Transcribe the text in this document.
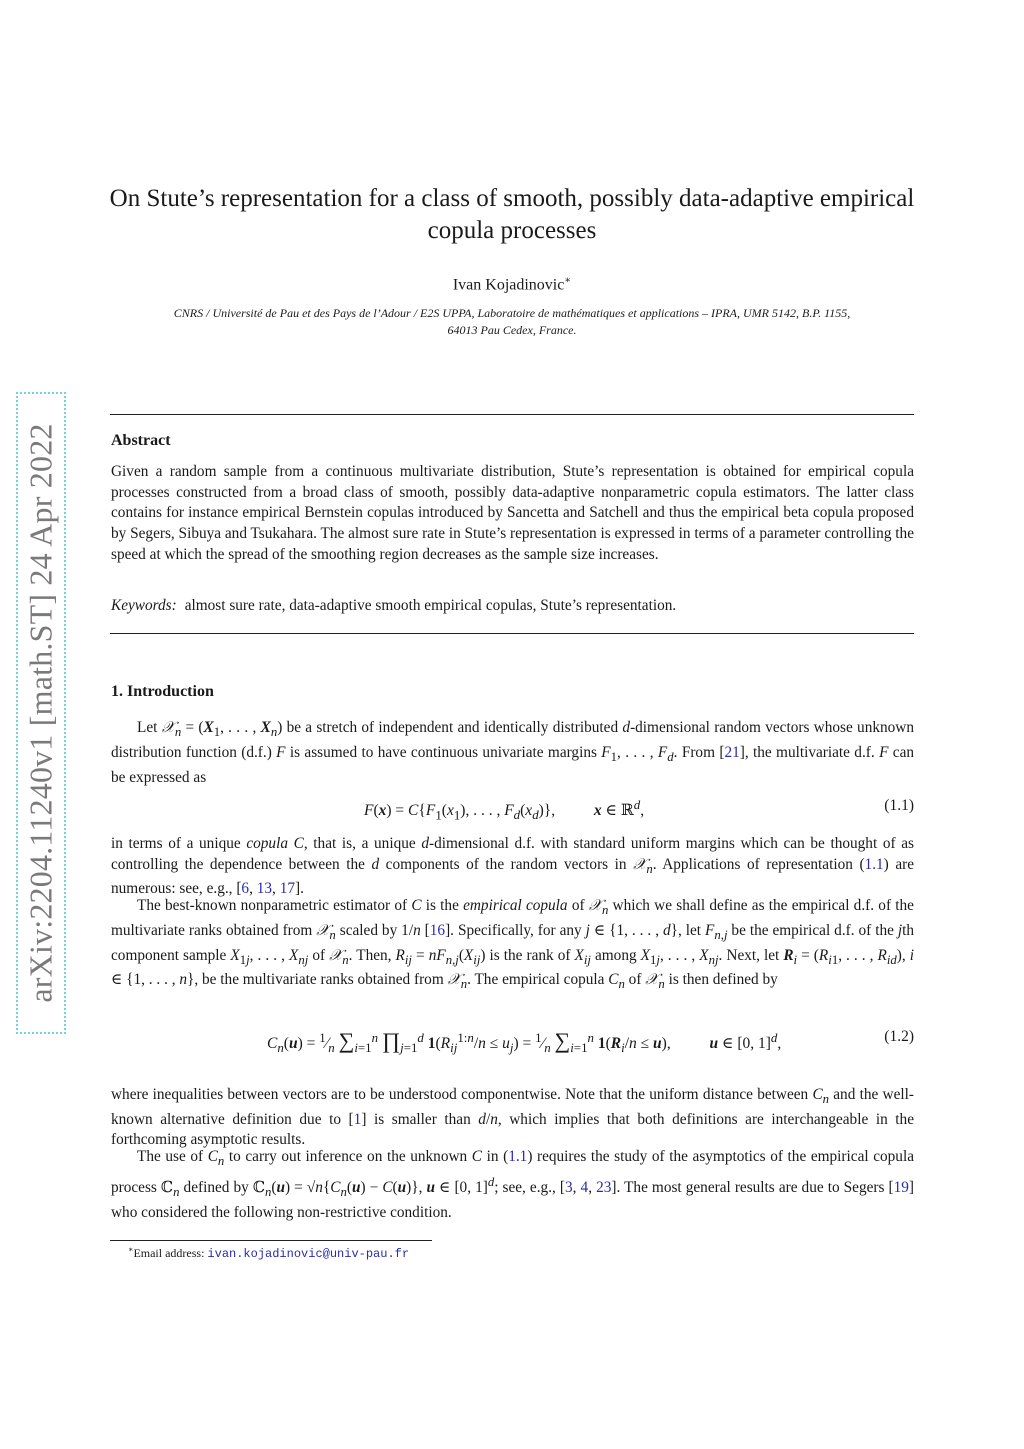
arXiv:2204.11240v1 [math.ST] 24 Apr 2022
On Stute’s representation for a class of smooth, possibly data-adaptive empirical
copula processes
Ivan Kojadinovic∗
CNRS / Université de Pau et des Pays de l’Adour / E2S UPPA, Laboratoire de mathématiques et applications – IPRA, UMR 5142, B.P. 1155,
64013 Pau Cedex, France.
Abstract
Given a random sample from a continuous multivariate distribution, Stute’s representation is obtained for empirical copula processes constructed from a broad class of smooth, possibly data-adaptive nonparametric copula estimators. The latter class contains for instance empirical Bernstein copulas introduced by Sancetta and Satchell and thus the empirical beta copula proposed by Segers, Sibuya and Tsukahara. The almost sure rate in Stute’s representation is expressed in terms of a parameter controlling the speed at which the spread of the smoothing region decreases as the sample size increases.
Keywords: almost sure rate, data-adaptive smooth empirical copulas, Stute’s representation.
1. Introduction
Let 𝒳$_n$ = ($X_1$, . . . , $X_n$) be a stretch of independent and identically distributed d-dimensional random vectors whose unknown distribution function (d.f.) F is assumed to have continuous univariate margins $F_1$, . . . , $F_d$. From [21], the multivariate d.f. F can be expressed as
$F(x) = C\{F_1(x_1)$, . . . , $F_d(x_d)$},          x ∈ ℝ$^d$,	(1.1)
in terms of a unique copula C, that is, a unique d-dimensional d.f. with standard uniform margins which can be thought of as controlling the dependence between the d components of the random vectors in 𝒳$_n$. Applications of representation (1.1) are numerous: see, e.g., [6, 13, 17].
The best-known nonparametric estimator of C is the empirical copula of 𝒳$_n$ which we shall define as the empirical d.f. of the multivariate ranks obtained from 𝒳$_n$ scaled by 1/n [16]. Specifically, for any j ∈ {1, . . . , d}, let $F_{n,j}$ be the empirical d.f. of the jth component sample $X_{1j}$, . . . , $X_{nj}$ of 𝒳$_n$. Then, $R_{ij} = nF_{n,j}(X_{ij})$ is the rank of $X_{ij}$ among $X_{1j}$, . . . , $X_{nj}$. Next, let $R_i = (R_{i1}$, . . . , $R_{id}$), i ∈ {1, . . . , n}, be the multivariate ranks obtained from 𝒳$_n$. The empirical copula $C_n$ of 𝒳$_n$ is then defined by
$C_n(u)$ = $^1⁄_n$ $\sum_{i=1}^n$ $\prod_{j=1}^d$ $1(R_{ij}^{1:n}/n \le u_j)$ = $^1⁄_n$ $\sum_{i=1}^n$ $1(R_i/n \le u)$,          u ∈ [0, 1]$^d$,	(1.2)
where inequalities between vectors are to be understood componentwise. Note that the uniform distance between $C_n$ and the well-known alternative definition due to [1] is smaller than d/n, which implies that both definitions are interchangeable in the forthcoming asymptotic results.
The use of $C_n$ to carry out inference on the unknown C in (1.1) requires the study of the asymptotics of the empirical copula process ℂ$_n$ defined by ℂ$_n$(u) = $√n\{C_n(u) - C(u)\}$, u ∈ [0, 1]$^d$; see, e.g., [3, 4, 23]. The most general results are due to Segers [19] who considered the following non-restrictive condition.
∗Email address: ivan.kojadinovic@univ-pau.fr
